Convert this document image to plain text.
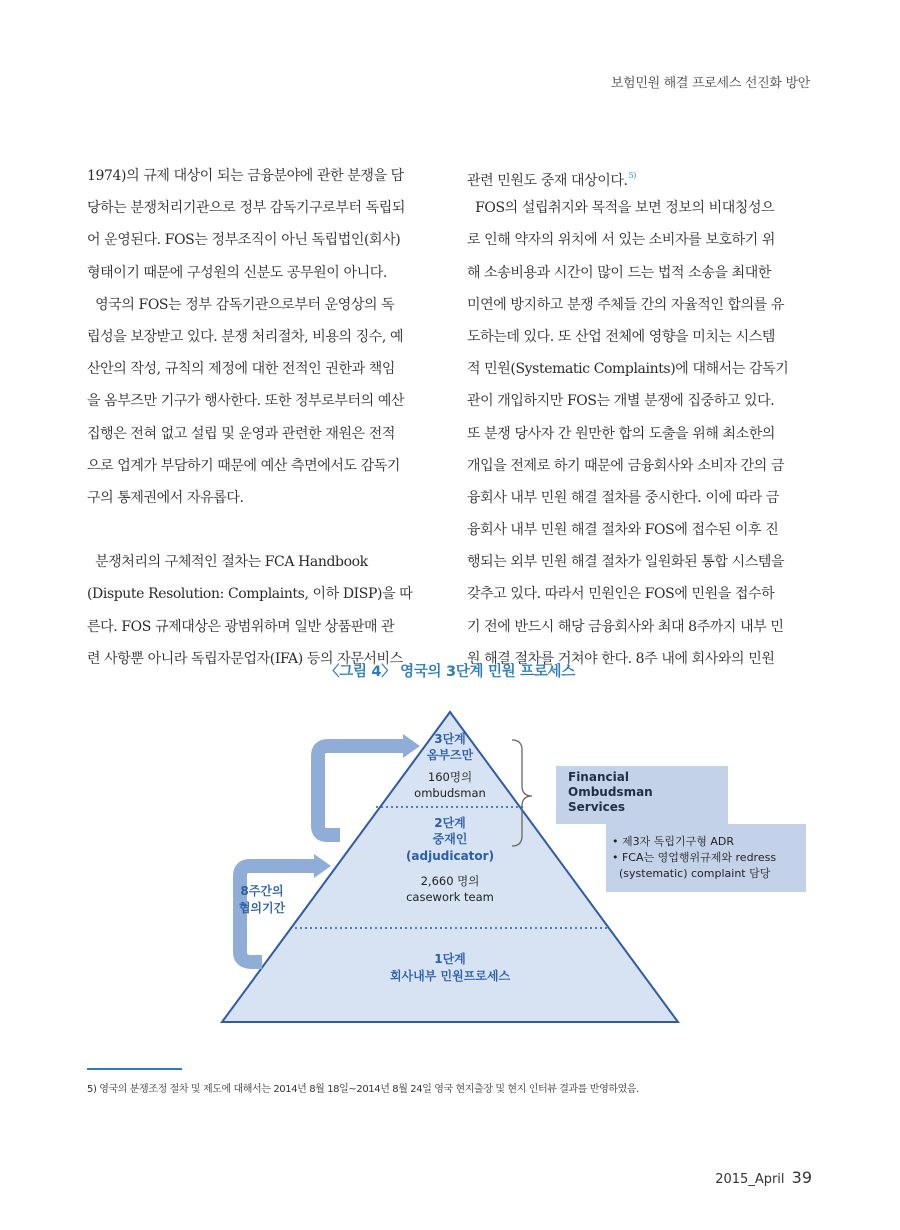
보험민원 해결 프로세스 선진화 방안
1974)의 규제 대상이 되는 금융분야에 관한 분쟁을 담
당하는 분쟁처리기관으로 정부 감독기구로부터 독립되
어 운영된다. FOS는 정부조직이 아닌 독립법인(회사)
형태이기 때문에 구성원의 신분도 공무원이 아니다.
영국의 FOS는 정부 감독기관으로부터 운영상의 독
립성을 보장받고 있다. 분쟁 처리절차, 비용의 징수, 예
산안의 작성, 규칙의 제정에 대한 전적인 권한과 책임
을 옴부즈만 기구가 행사한다. 또한 정부로부터의 예산
집행은 전혀 없고 설립 및 운영과 관련한 재원은 전적
으로 업계가 부담하기 때문에 예산 측면에서도 감독기
구의 통제권에서 자유롭다.
분쟁처리의 구체적인 절차는 FCA Handbook
(Dispute Resolution: Complaints, 이하 DISP)을 따
른다. FOS 규제대상은 광범위하며 일반 상품판매 관
련 사항뿐 아니라 독립자문업자(IFA) 등의 자문서비스
관련 민원도 중재 대상이다.$^{5)}$
FOS의 설립취지와 목적을 보면 정보의 비대칭성으
로 인해 약자의 위치에 서 있는 소비자를 보호하기 위
해 소송비용과 시간이 많이 드는 법적 소송을 최대한
미연에 방지하고 분쟁 주체들 간의 자율적인 합의를 유
도하는데 있다. 또 산업 전체에 영향을 미치는 시스템
적 민원(Systematic Complaints)에 대해서는 감독기
관이 개입하지만 FOS는 개별 분쟁에 집중하고 있다.
또 분쟁 당사자 간 원만한 합의 도출을 위해 최소한의
개입을 전제로 하기 때문에 금융회사와 소비자 간의 금
융회사 내부 민원 해결 절차를 중시한다. 이에 따라 금
융회사 내부 민원 해결 절차와 FOS에 접수된 이후 진
행되는 외부 민원 해결 절차가 일원화된 통합 시스템을
갖추고 있다. 따라서 민원인은 FOS에 민원을 접수하
기 전에 반드시 해당 금융회사와 최대 8주까지 내부 민
원 해결 절차를 거쳐야 한다. 8주 내에 회사와의 민원
〈그림 4〉 영국의 3단계 민원 프로세스
3단계
옴부즈만
160명의
ombudsman
2단계
중재인
(adjudicator)
2,660 명의
casework team
1단계
회사내부 민원프로세스
8주간의
협의기간
Financial
Ombudsman
Services
• 제3자 독립기구형 ADR
• FCA는 영업행위규제와 redress
(systematic) complaint 담당
5) 영국의 분쟁조정 절차 및 제도에 대해서는 2014년 8월 18일~2014년 8월 24일 영국 현지출장 및 현지 인터뷰 결과를 반영하였음.
2015_April 39
